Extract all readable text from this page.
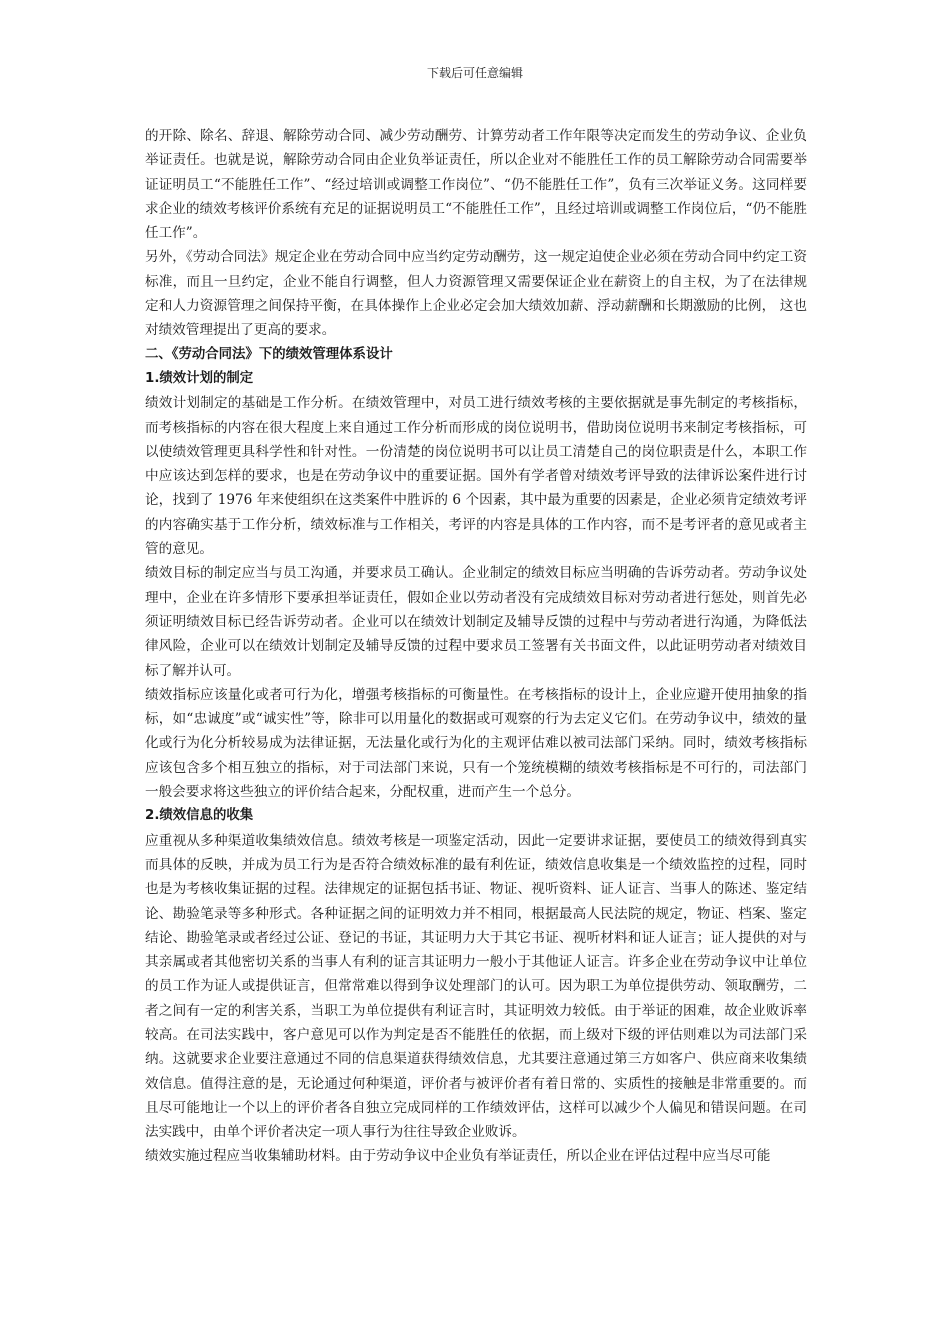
下载后可任意编辑

的开除、除名、辞退、解除劳动合同、减少劳动酬劳、计算劳动者工作年限等决定而发生的劳动争议、企业负举证责任。也就是说，解除劳动合同由企业负举证责任，所以企业对不能胜任工作的员工解除劳动合同需要举证证明员工“不能胜任工作”、“经过培训或调整工作岗位”、“仍不能胜任工作”，负有三次举证义务。这同样要求企业的绩效考核评价系统有充足的证据说明员工“不能胜任工作”，且经过培训或调整工作岗位后，“仍不能胜任工作”。

另外，《劳动合同法》规定企业在劳动合同中应当约定劳动酬劳，这一规定迫使企业必须在劳动合同中约定工资标准，而且一旦约定，企业不能自行调整，但人力资源管理又需要保证企业在薪资上的自主权，为了在法律规定和人力资源管理之间保持平衡，在具体操作上企业必定会加大绩效加薪、浮动薪酬和长期激励的比例， 这也对绩效管理提出了更高的要求。

二、《劳动合同法》下的绩效管理体系设计

1.绩效计划的制定

绩效计划制定的基础是工作分析。在绩效管理中，对员工进行绩效考核的主要依据就是事先制定的考核指标，而考核指标的内容在很大程度上来自通过工作分析而形成的岗位说明书，借助岗位说明书来制定考核指标，可以使绩效管理更具科学性和针对性。一份清楚的岗位说明书可以让员工清楚自己的岗位职责是什么，本职工作中应该达到怎样的要求，也是在劳动争议中的重要证据。国外有学者曾对绩效考评导致的法律诉讼案件进行讨论，找到了 1976 年来使组织在这类案件中胜诉的 6 个因素，其中最为重要的因素是，企业必须肯定绩效考评的内容确实基于工作分析，绩效标准与工作相关，考评的内容是具体的工作内容，而不是考评者的意见或者主管的意见。

绩效目标的制定应当与员工沟通，并要求员工确认。企业制定的绩效目标应当明确的告诉劳动者。劳动争议处理中，企业在许多情形下要承担举证责任，假如企业以劳动者没有完成绩效目标对劳动者进行惩处，则首先必须证明绩效目标已经告诉劳动者。企业可以在绩效计划制定及辅导反馈的过程中与劳动者进行沟通，为降低法律风险，企业可以在绩效计划制定及辅导反馈的过程中要求员工签署有关书面文件，以此证明劳动者对绩效目标了解并认可。

绩效指标应该量化或者可行为化，增强考核指标的可衡量性。在考核指标的设计上，企业应避开使用抽象的指标，如“忠诚度”或“诚实性”等，除非可以用量化的数据或可观察的行为去定义它们。在劳动争议中，绩效的量化或行为化分析较易成为法律证据，无法量化或行为化的主观评估难以被司法部门采纳。同时，绩效考核指标应该包含多个相互独立的指标，对于司法部门来说，只有一个笼统模糊的绩效考核指标是不可行的，司法部门一般会要求将这些独立的评价结合起来，分配权重，进而产生一个总分。

2.绩效信息的收集

应重视从多种渠道收集绩效信息。绩效考核是一项鉴定活动，因此一定要讲求证据，要使员工的绩效得到真实而具体的反映，并成为员工行为是否符合绩效标准的最有利佐证，绩效信息收集是一个绩效监控的过程，同时也是为考核收集证据的过程。法律规定的证据包括书证、物证、视听资料、证人证言、当事人的陈述、鉴定结论、勘验笔录等多种形式。各种证据之间的证明效力并不相同，根据最高人民法院的规定，物证、档案、鉴定结论、勘验笔录或者经过公证、登记的书证，其证明力大于其它书证、视听材料和证人证言；证人提供的对与其亲属或者其他密切关系的当事人有利的证言其证明力一般小于其他证人证言。许多企业在劳动争议中让单位的员工作为证人或提供证言，但常常难以得到争议处理部门的认可。因为职工为单位提供劳动、领取酬劳，二者之间有一定的利害关系，当职工为单位提供有利证言时，其证明效力较低。由于举证的困难，故企业败诉率较高。在司法实践中，客户意见可以作为判定是否不能胜任的依据，而上级对下级的评估则难以为司法部门采纳。这就要求企业要注意通过不同的信息渠道获得绩效信息，尤其要注意通过第三方如客户、供应商来收集绩效信息。值得注意的是，无论通过何种渠道，评价者与被评价者有着日常的、实质性的接触是非常重要的。而且尽可能地让一个以上的评价者各自独立完成同样的工作绩效评估，这样可以减少个人偏见和错误问题。在司法实践中，由单个评价者决定一项人事行为往往导致企业败诉。

绩效实施过程应当收集辅助材料。由于劳动争议中企业负有举证责任，所以企业在评估过程中应当尽可能
